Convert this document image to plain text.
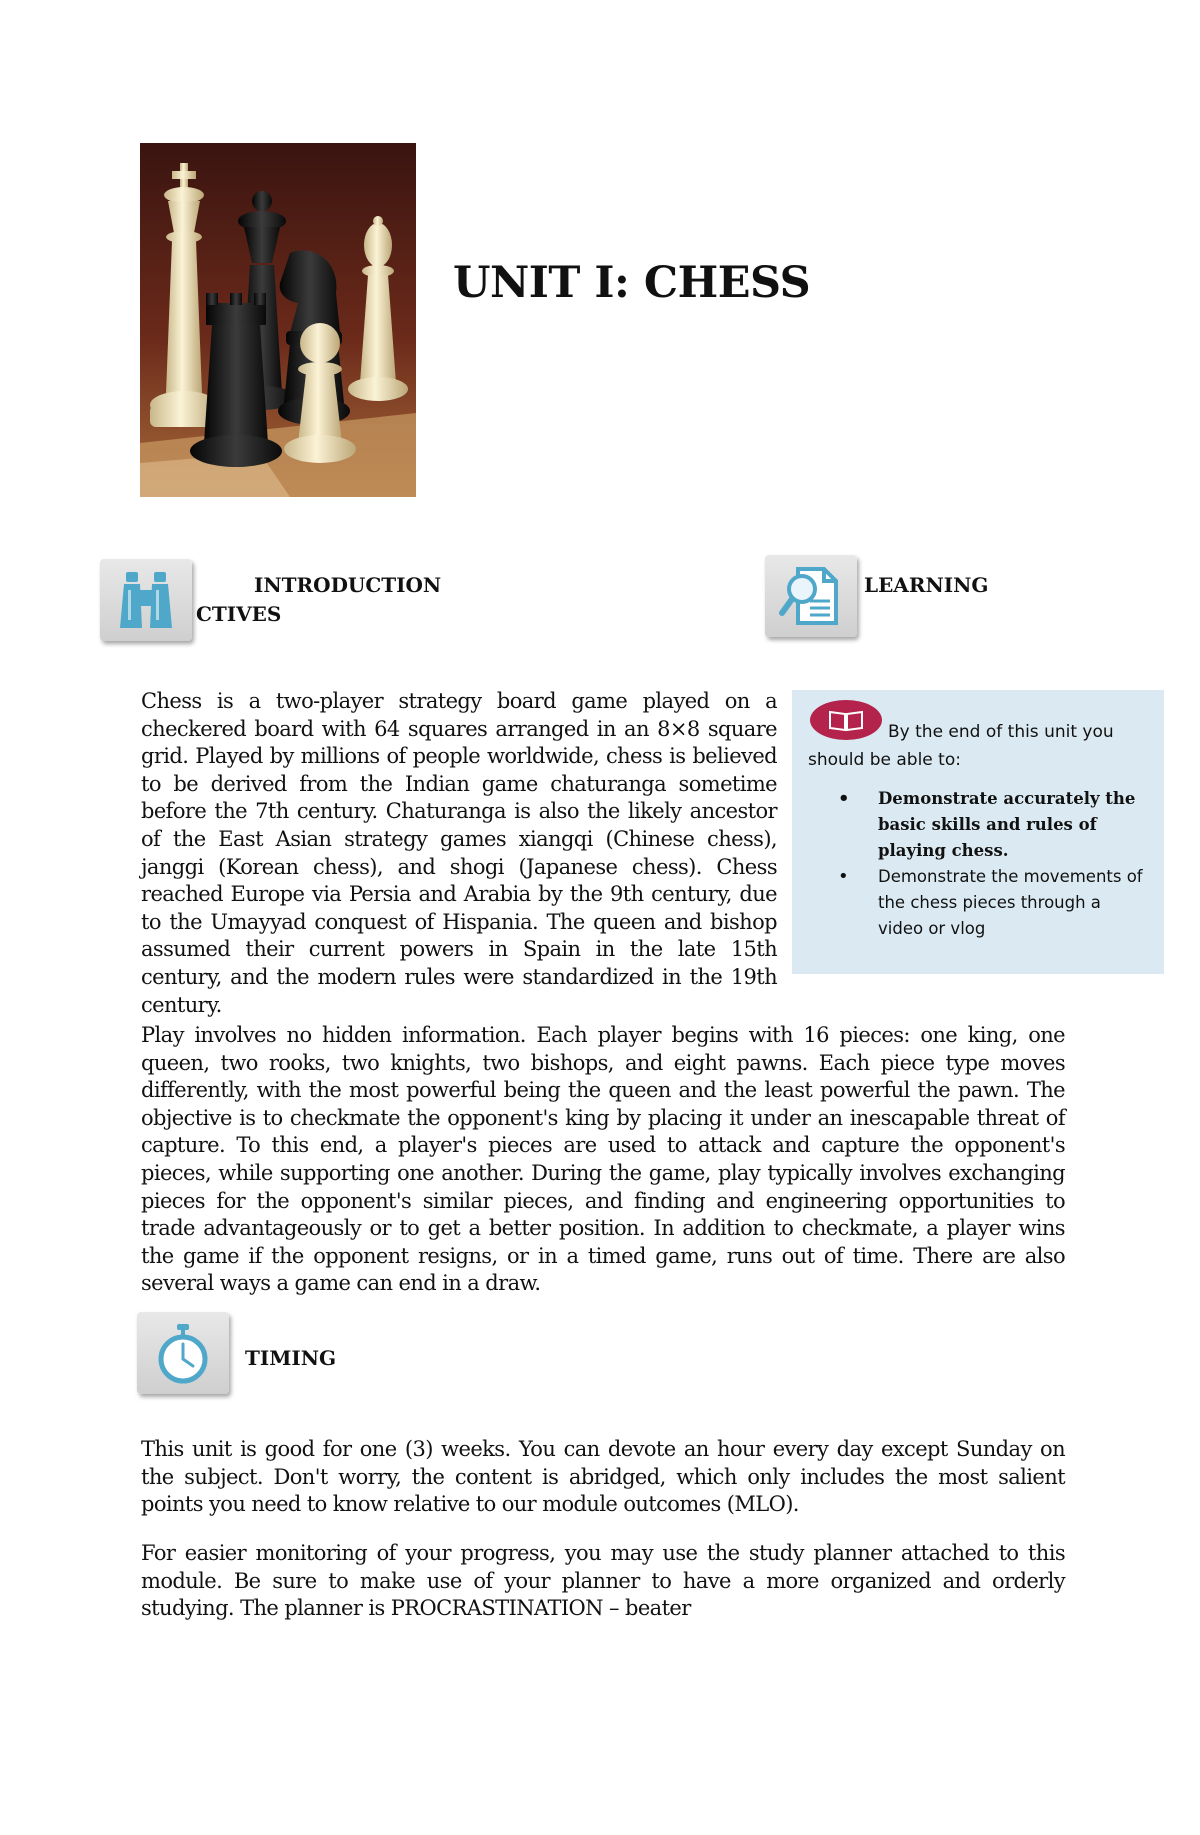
UNIT I: CHESS
INTRODUCTION
CTIVES
LEARNING

Chess is a two-player strategy board game played on a checkered board with 64 squares arranged in an 8×8 square grid. Played by millions of people worldwide, chess is believed to be derived from the Indian game chaturanga sometime before the 7th century. Chaturanga is also the likely ancestor of the East Asian strategy games xiangqi (Chinese chess), janggi (Korean chess), and shogi (Japanese chess). Chess reached Europe via Persia and Arabia by the 9th century, due to the Umayyad conquest of Hispania. The queen and bishop assumed their current powers in Spain in the late 15th century, and the modern rules were standardized in the 19th century.

By the end of this unit you
should be able to:
• Demonstrate accurately the basic skills and rules of playing chess.
• Demonstrate the movements of the chess pieces through a video or vlog

Play involves no hidden information. Each player begins with 16 pieces: one king, one queen, two rooks, two knights, two bishops, and eight pawns. Each piece type moves differently, with the most powerful being the queen and the least powerful the pawn. The objective is to checkmate the opponent's king by placing it under an inescapable threat of capture. To this end, a player's pieces are used to attack and capture the opponent's pieces, while supporting one another. During the game, play typically involves exchanging pieces for the opponent's similar pieces, and finding and engineering opportunities to trade advantageously or to get a better position. In addition to checkmate, a player wins the game if the opponent resigns, or in a timed game, runs out of time. There are also several ways a game can end in a draw.

TIMING

This unit is good for one (3) weeks. You can devote an hour every day except Sunday on the subject. Don't worry, the content is abridged, which only includes the most salient points you need to know relative to our module outcomes (MLO).

For easier monitoring of your progress, you may use the study planner attached to this module. Be sure to make use of your planner to have a more organized and orderly studying. The planner is PROCRASTINATION – beater
